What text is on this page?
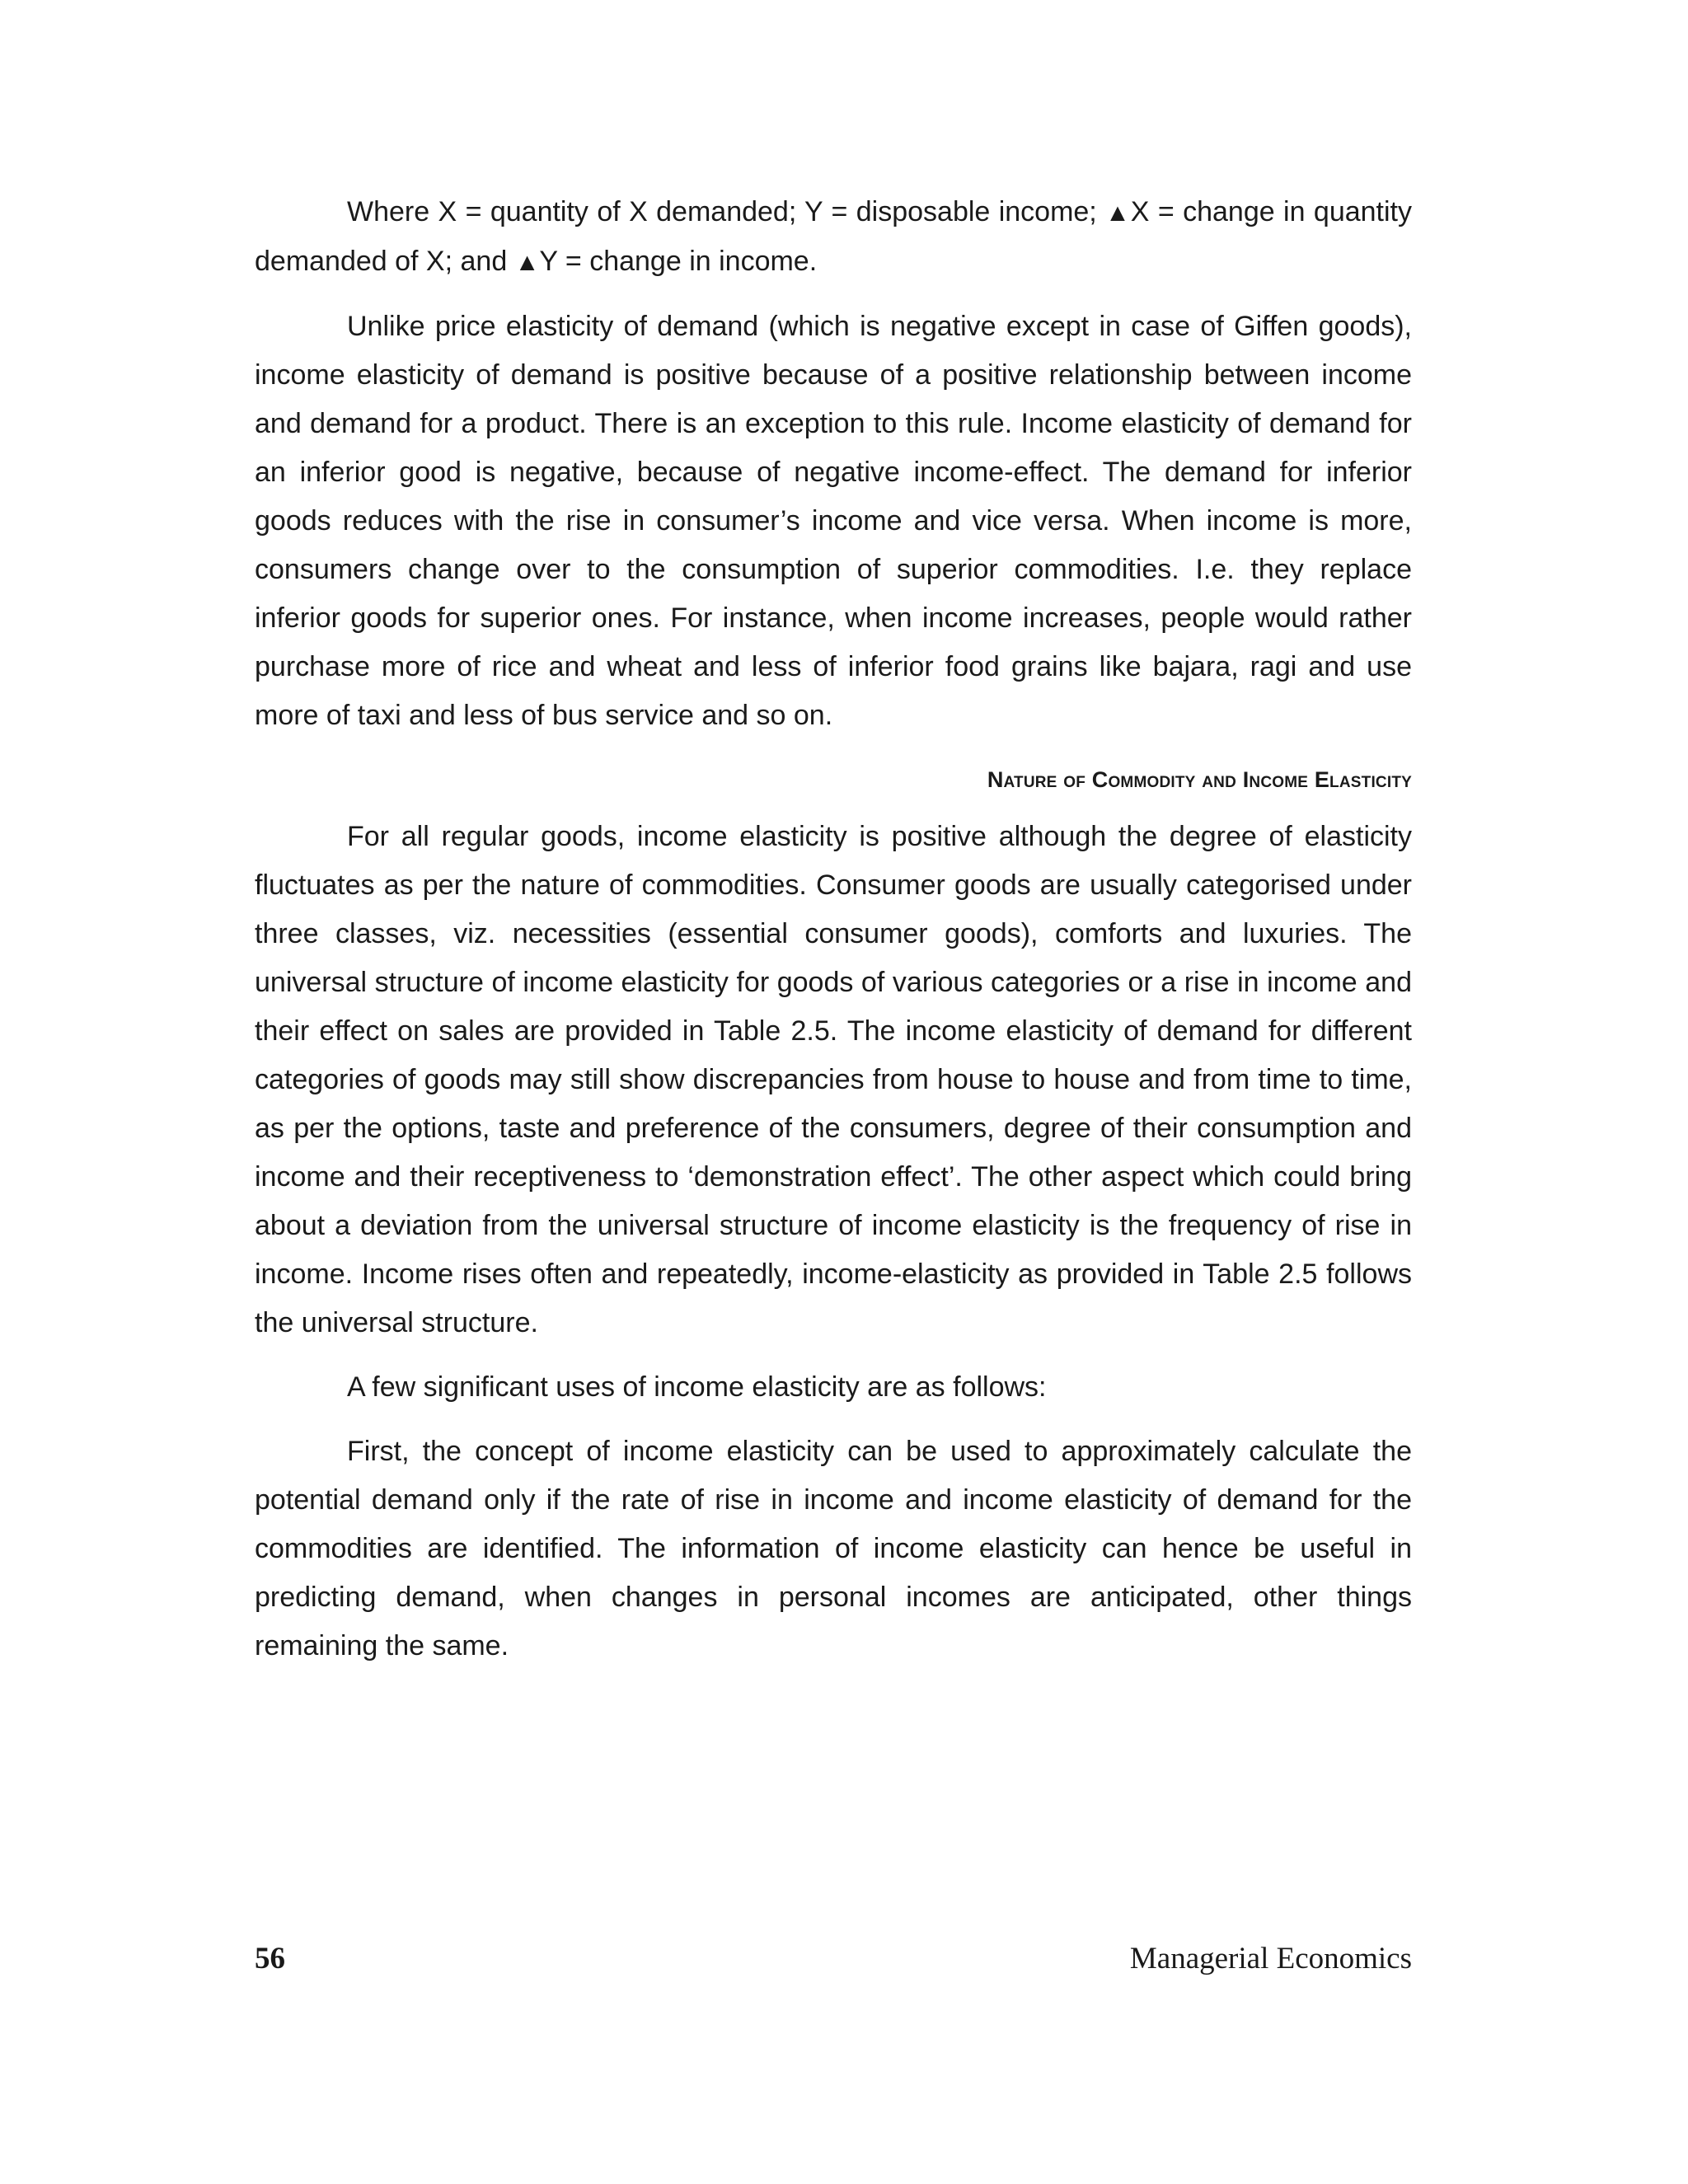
Where X = quantity of X demanded; Y = disposable income; ▲X = change in quantity demanded of X; and ▲Y = change in income.

Unlike price elasticity of demand (which is negative except in case of Giffen goods), income elasticity of demand is positive because of a positive relationship between income and demand for a product. There is an exception to this rule. Income elasticity of demand for an inferior good is negative, because of negative income-effect. The demand for inferior goods reduces with the rise in consumer’s income and vice versa. When income is more, consumers change over to the consumption of superior commodities. I.e. they replace inferior goods for superior ones. For instance, when income increases, people would rather purchase more of rice and wheat and less of inferior food grains like bajara, ragi and use more of taxi and less of bus service and so on.

Nature of Commodity and Income Elasticity

For all regular goods, income elasticity is positive although the degree of elasticity fluctuates as per the nature of commodities. Consumer goods are usually categorised under three classes, viz. necessities (essential consumer goods), comforts and luxuries. The universal structure of income elasticity for goods of various categories or a rise in income and their effect on sales are provided in Table 2.5. The income elasticity of demand for different categories of goods may still show discrepancies from house to house and from time to time, as per the options, taste and preference of the consumers, degree of their consumption and income and their receptiveness to ‘demonstration effect’. The other aspect which could bring about a deviation from the universal structure of income elasticity is the frequency of rise in income. Income rises often and repeatedly, income-elasticity as provided in Table 2.5 follows the universal structure.

A few significant uses of income elasticity are as follows:

First, the concept of income elasticity can be used to approximately calculate the potential demand only if the rate of rise in income and income elasticity of demand for the commodities are identified. The information of income elasticity can hence be useful in predicting demand, when changes in personal incomes are anticipated, other things remaining the same.

56	Managerial Economics
